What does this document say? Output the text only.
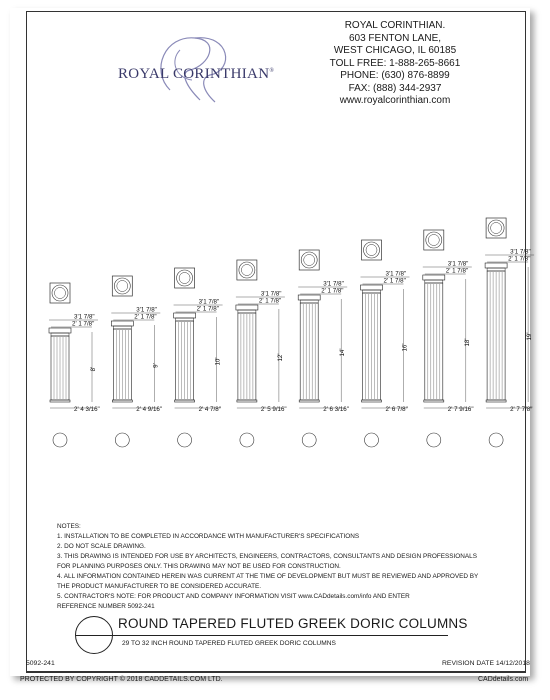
ROYAL CORINTHIAN®
ROYAL CORINTHIAN.
603 FENTON LANE,
WEST CHICAGO, IL 60185
TOLL FREE: 1-888-265-8661
PHONE: (630) 876-8899
FAX: (888) 344-2937
www.royalcorinthian.com
3'1 7/8"
2' 1 7/8"
8'
2' 4 3/16"
3'1 7/8"
2' 1 7/8"
9'
2' 4 9/16"
3'1 7/8"
2' 1 7/8"
10'
2' 4 7/8"
3'1 7/8"
2' 1 7/8"
12'
2' 5 9/16"
3'1 7/8"
2' 1 7/8"
14'
2' 6 3/16"
3'1 7/8"
2' 1 7/8"
16'
2' 6 7/8"
3'1 7/8"
2' 1 7/8"
18'
2' 7 9/16"
3'1 7/8"
2' 1 7/8"
19'
2' 7 7/8"
NOTES:
1. INSTALLATION TO BE COMPLETED IN ACCORDANCE WITH MANUFACTURER'S SPECIFICATIONS
2. DO NOT SCALE DRAWING.
3. THIS DRAWING IS INTENDED FOR USE BY ARCHITECTS, ENGINEERS, CONTRACTORS, CONSULTANTS AND DESIGN PROFESSIONALS
FOR PLANNING PURPOSES ONLY. THIS DRAWING MAY NOT BE USED FOR CONSTRUCTION.
4. ALL INFORMATION CONTAINED HEREIN WAS CURRENT AT THE TIME OF DEVELOPMENT BUT MUST BE REVIEWED AND APPROVED BY
THE PRODUCT MANUFACTURER TO BE CONSIDERED ACCURATE.
5. CONTRACTOR'S NOTE: FOR PRODUCT AND COMPANY INFORMATION VISIT www.CADdetails.com/info AND ENTER
REFERENCE NUMBER 5092-241
ROUND TAPERED FLUTED GREEK DORIC COLUMNS
29 TO 32 INCH ROUND TAPERED FLUTED GREEK DORIC COLUMNS
5092-241	REVISION DATE 14/12/2018
PROTECTED BY COPYRIGHT © 2018 CADDETAILS.COM LTD.	CADdetails.com
